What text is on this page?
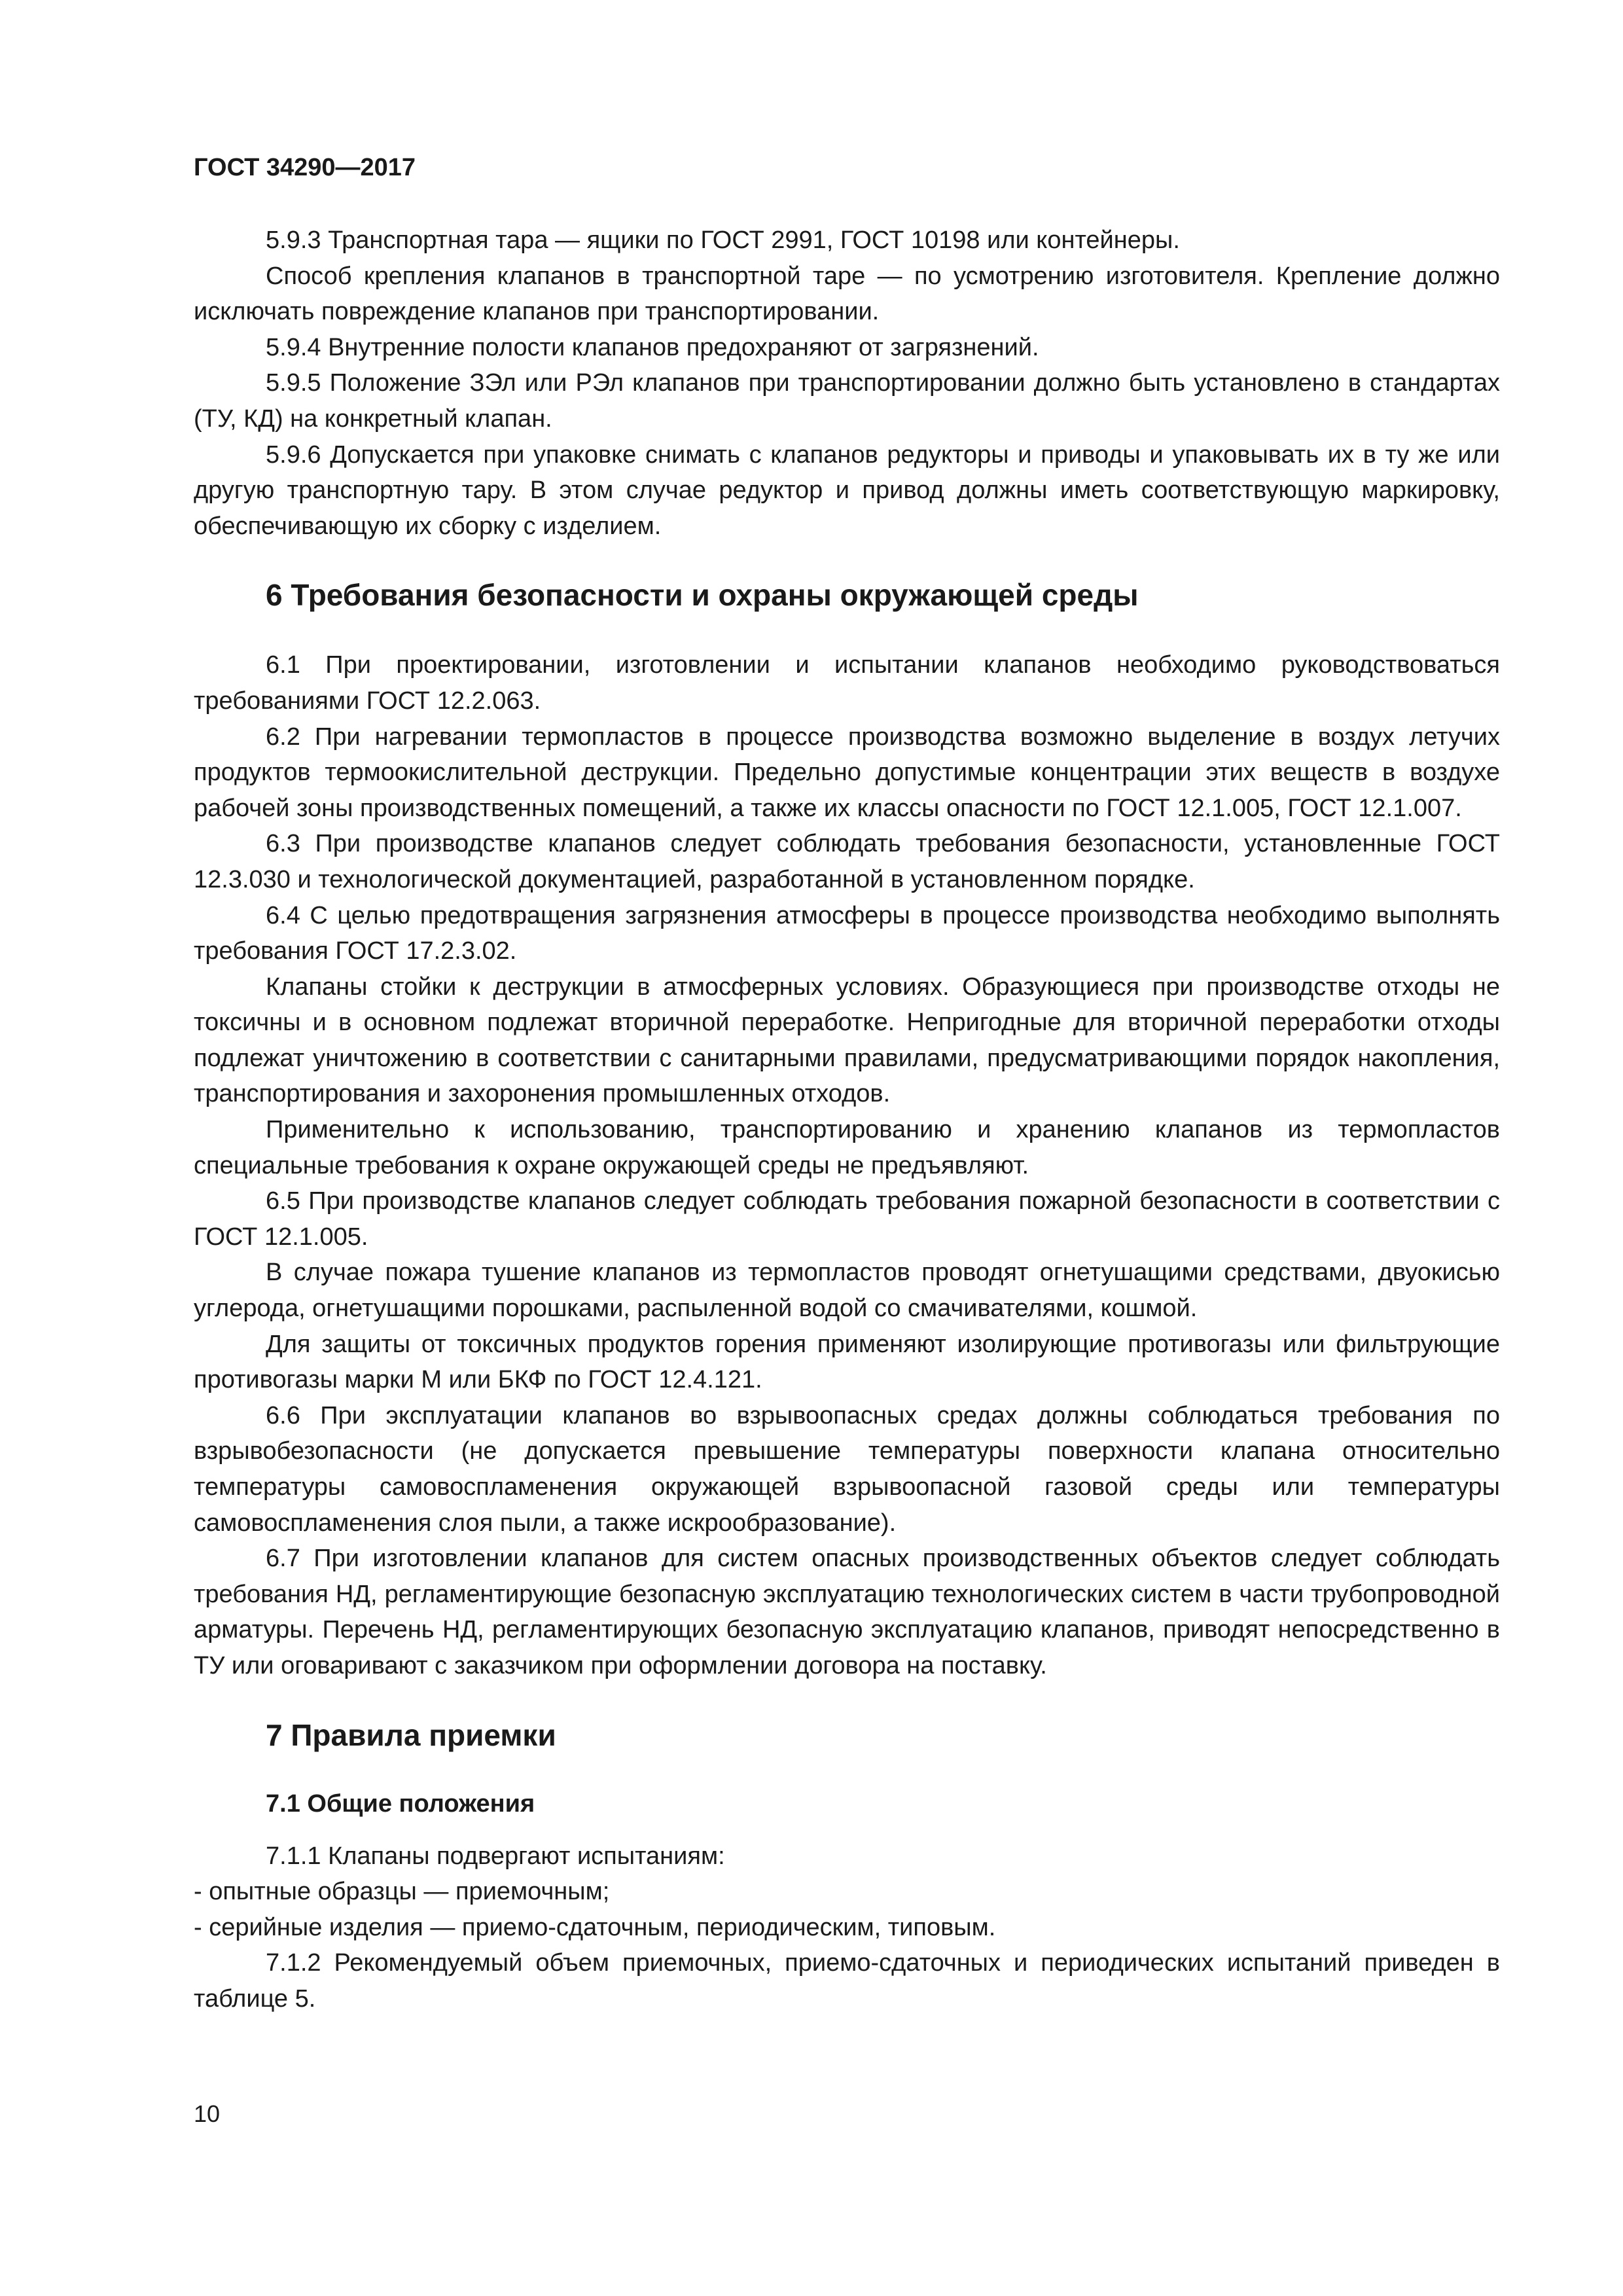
ГОСТ 34290—2017

5.9.3 Транспортная тара — ящики по ГОСТ 2991, ГОСТ 10198 или контейнеры.

Способ крепления клапанов в транспортной таре — по усмотрению изготовителя. Крепление должно исключать повреждение клапанов при транспортировании.

5.9.4 Внутренние полости клапанов предохраняют от загрязнений.

5.9.5 Положение ЗЭл или РЭл клапанов при транспортировании должно быть установлено в стандартах (ТУ, КД) на конкретный клапан.

5.9.6 Допускается при упаковке снимать с клапанов редукторы и приводы и упаковывать их в ту же или другую транспортную тару. В этом случае редуктор и привод должны иметь соответствующую маркировку, обеспечивающую их сборку с изделием.

6 Требования безопасности и охраны окружающей среды

6.1 При проектировании, изготовлении и испытании клапанов необходимо руководствоваться требованиями ГОСТ 12.2.063.

6.2 При нагревании термопластов в процессе производства возможно выделение в воздух летучих продуктов термоокислительной деструкции. Предельно допустимые концентрации этих веществ в воздухе рабочей зоны производственных помещений, а также их классы опасности по ГОСТ 12.1.005, ГОСТ 12.1.007.

6.3 При производстве клапанов следует соблюдать требования безопасности, установленные ГОСТ 12.3.030 и технологической документацией, разработанной в установленном порядке.

6.4 С целью предотвращения загрязнения атмосферы в процессе производства необходимо выполнять требования ГОСТ 17.2.3.02.

Клапаны стойки к деструкции в атмосферных условиях. Образующиеся при производстве отходы не токсичны и в основном подлежат вторичной переработке. Непригодные для вторичной переработки отходы подлежат уничтожению в соответствии с санитарными правилами, предусматривающими порядок накопления, транспортирования и захоронения промышленных отходов.

Применительно к использованию, транспортированию и хранению клапанов из термопластов специальные требования к охране окружающей среды не предъявляют.

6.5 При производстве клапанов следует соблюдать требования пожарной безопасности в соответствии с ГОСТ 12.1.005.

В случае пожара тушение клапанов из термопластов проводят огнетушащими средствами, двуокисью углерода, огнетушащими порошками, распыленной водой со смачивателями, кошмой.

Для защиты от токсичных продуктов горения применяют изолирующие противогазы или фильтрующие противогазы марки М или БКФ по ГОСТ 12.4.121.

6.6 При эксплуатации клапанов во взрывоопасных средах должны соблюдаться требования по взрывобезопасности (не допускается превышение температуры поверхности клапана относительно температуры самовоспламенения окружающей взрывоопасной газовой среды или температуры самовоспламенения слоя пыли, а также искрообразование).

6.7 При изготовлении клапанов для систем опасных производственных объектов следует соблюдать требования НД, регламентирующие безопасную эксплуатацию технологических систем в части трубопроводной арматуры. Перечень НД, регламентирующих безопасную эксплуатацию клапанов, приводят непосредственно в ТУ или оговаривают с заказчиком при оформлении договора на поставку.

7 Правила приемки
7.1 Общие положения

7.1.1 Клапаны подвергают испытаниям:

- опытные образцы — приемочным;

- серийные изделия — приемо-сдаточным, периодическим, типовым.

7.1.2 Рекомендуемый объем приемочных, приемо-сдаточных и периодических испытаний приведен в таблице 5.

10
